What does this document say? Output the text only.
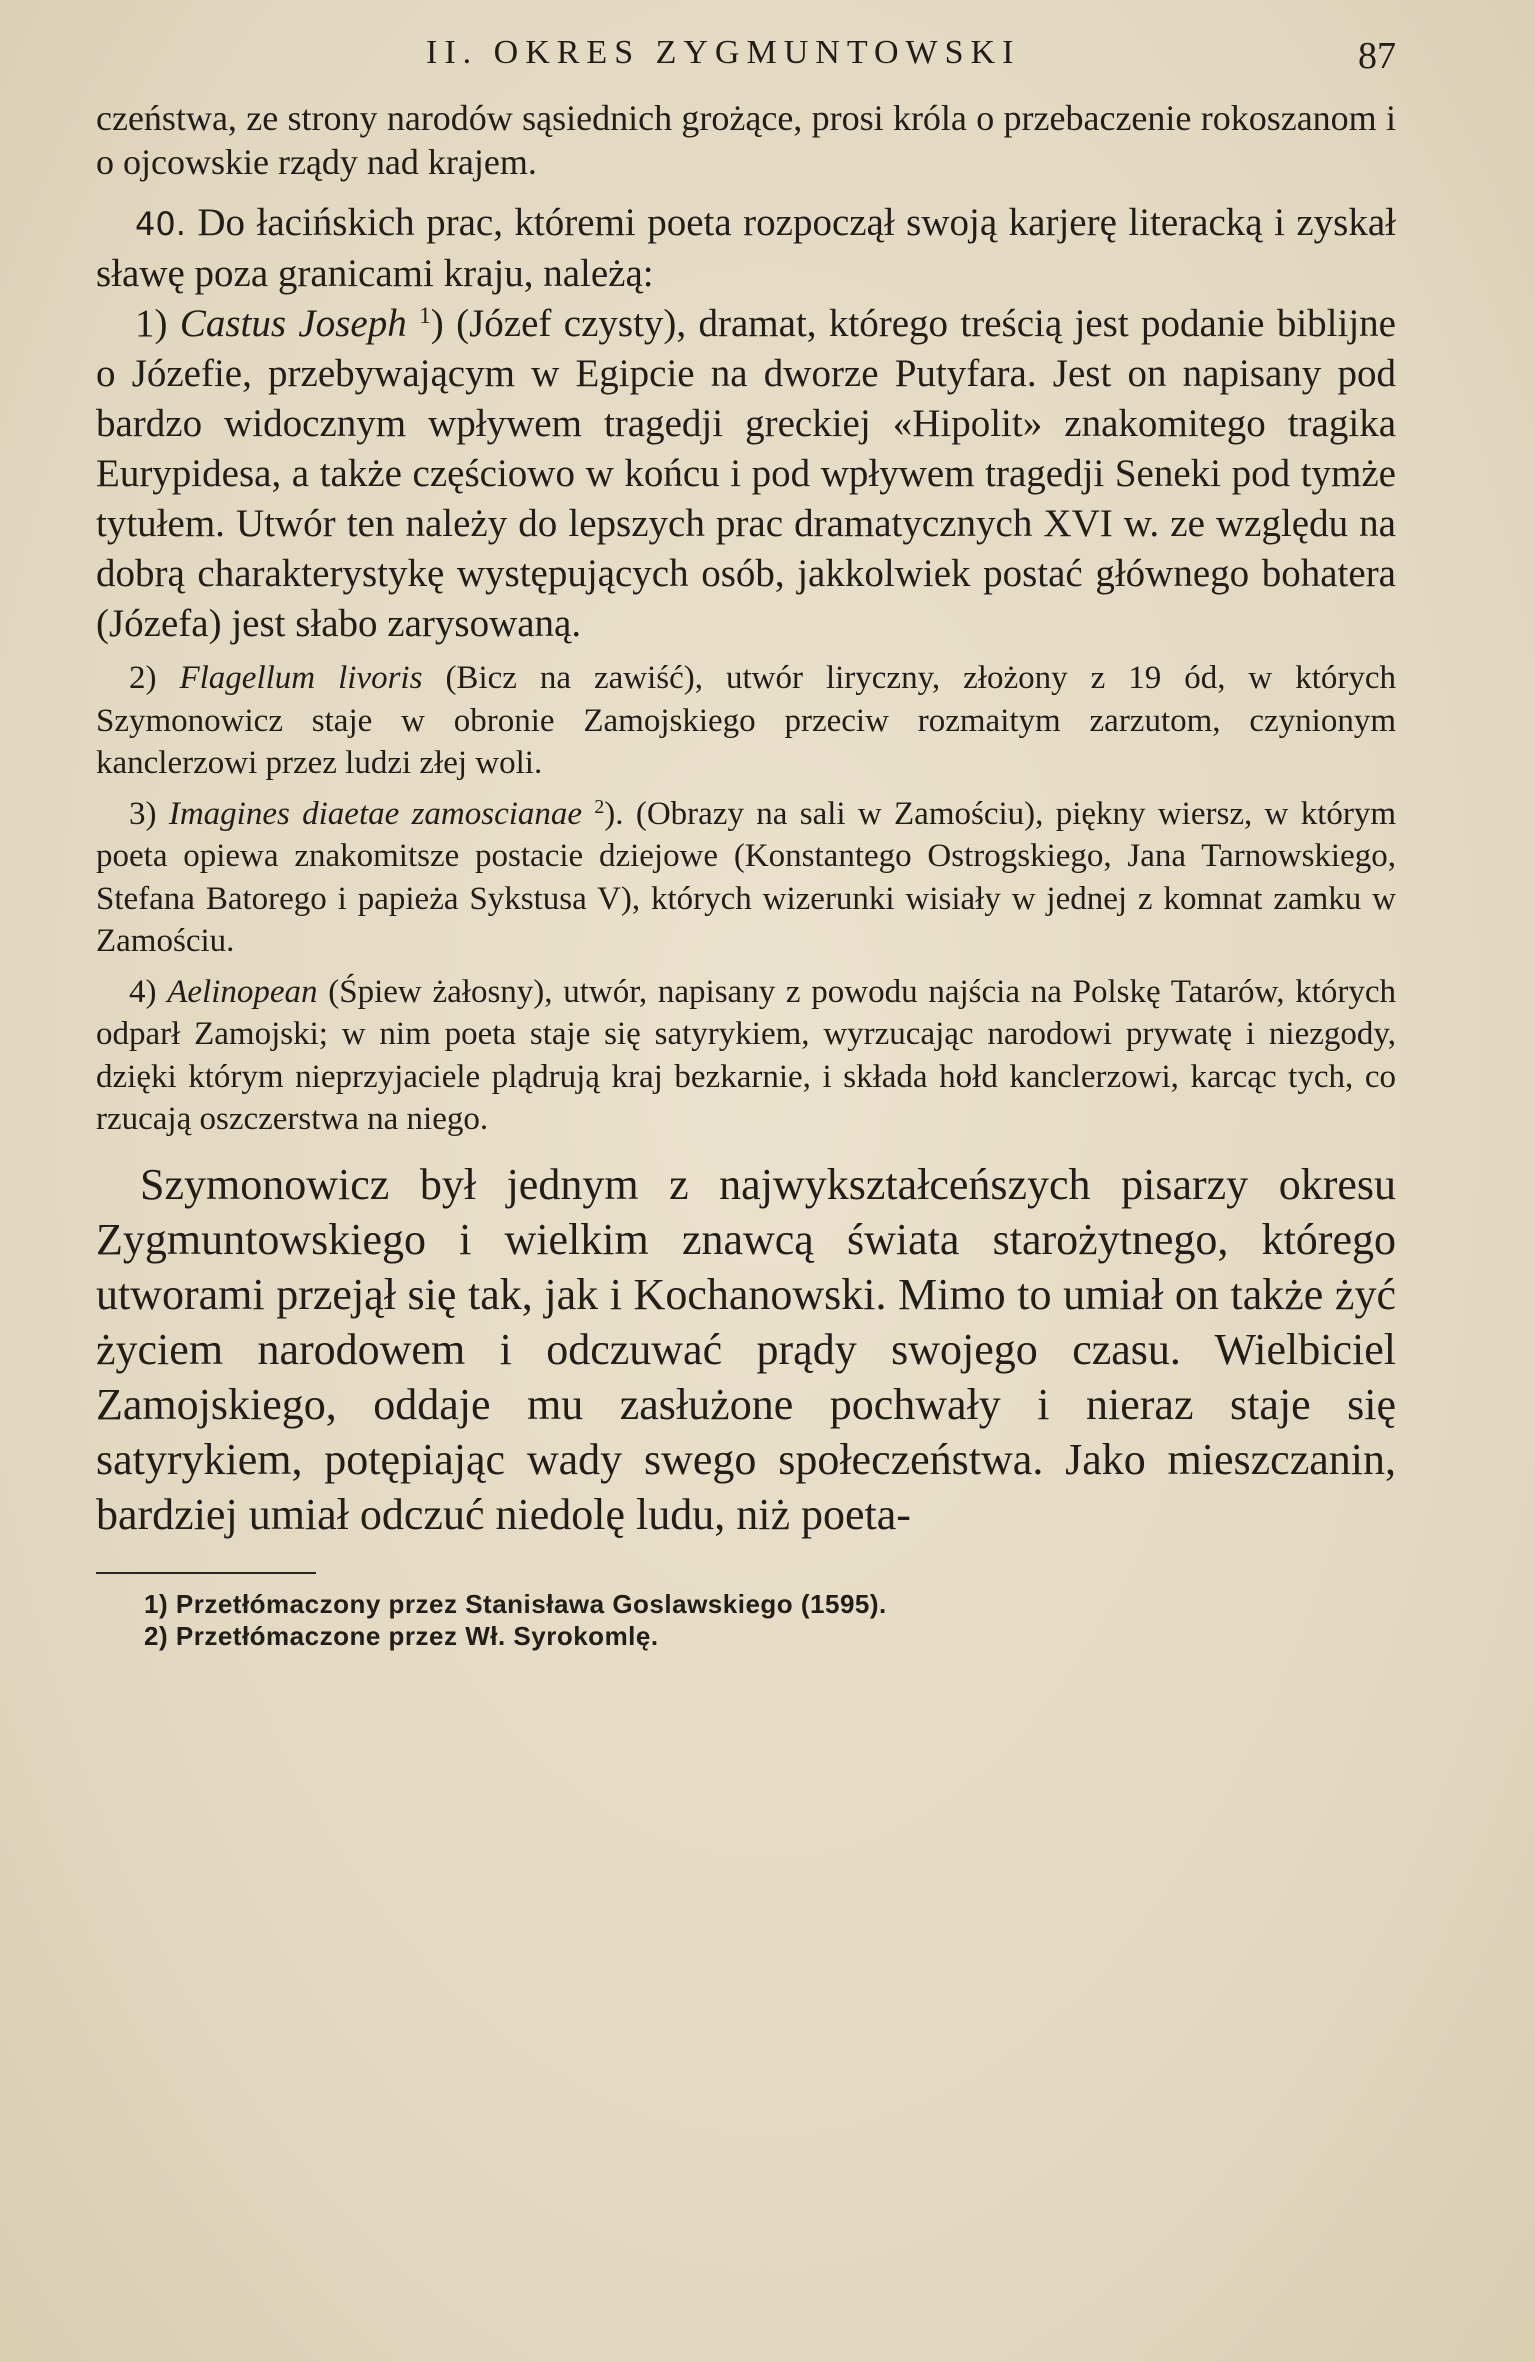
II. OKRES ZYGMUNTOWSKI	87

czeństwa, ze strony narodów sąsiednich grożące, prosi króla o przebaczenie rokoszanom i o ojcowskie rządy nad krajem.

40. Do łacińskich prac, któremi poeta rozpoczął swoją karjerę literacką i zyskał sławę poza granicami kraju, należą:

1) Castus Joseph $^1$) (Józef czysty), dramat, którego treścią jest podanie biblijne o Józefie, przebywającym w Egipcie na dworze Putyfara. Jest on napisany pod bardzo widocznym wpływem tragedji greckiej «Hipolit» znakomitego tragika Eurypidesa, a także częściowo w końcu i pod wpływem tragedji Seneki pod tymże tytułem. Utwór ten należy do lepszych prac dramatycznych XVI w. ze względu na dobrą charakterystykę występujących osób, jakkolwiek postać głównego bohatera (Józefa) jest słabo zarysowaną.

2) Flagellum livoris (Bicz na zawiść), utwór liryczny, złożony z 19 ód, w których Szymonowicz staje w obronie Zamojskiego przeciw rozmaitym zarzutom, czynionym kanclerzowi przez ludzi złej woli.

3) Imagines diaetae zamoscianae $^2$). (Obrazy na sali w Zamościu), piękny wiersz, w którym poeta opiewa znakomitsze postacie dziejowe (Konstantego Ostrogskiego, Jana Tarnowskiego, Stefana Batorego i papieża Sykstusa V), których wizerunki wisiały w jednej z komnat zamku w Zamościu.

4) Aelinopean (Śpiew żałosny), utwór, napisany z powodu najścia na Polskę Tatarów, których odparł Zamojski; w nim poeta staje się satyrykiem, wyrzucając narodowi prywatę i niezgody, dzięki którym nieprzyjaciele plądrują kraj bezkarnie, i składa hołd kanclerzowi, karcąc tych, co rzucają oszczerstwa na niego.

Szymonowicz był jednym z najwykształceńszych pisarzy okresu Zygmuntowskiego i wielkim znawcą świata starożytnego, którego utworami przejął się tak, jak i Kochanowski. Mimo to umiał on także żyć życiem narodowem i odczuwać prądy swojego czasu. Wielbiciel Zamojskiego, oddaje mu zasłużone pochwały i nieraz staje się satyrykiem, potępiając wady swego społeczeństwa. Jako mieszczanin, bardziej umiał odczuć niedolę ludu, niż poeta-

1) Przetłómaczony przez Stanisława Goslawskiego (1595).

2) Przetłómaczone przez Wł. Syrokomlę.
